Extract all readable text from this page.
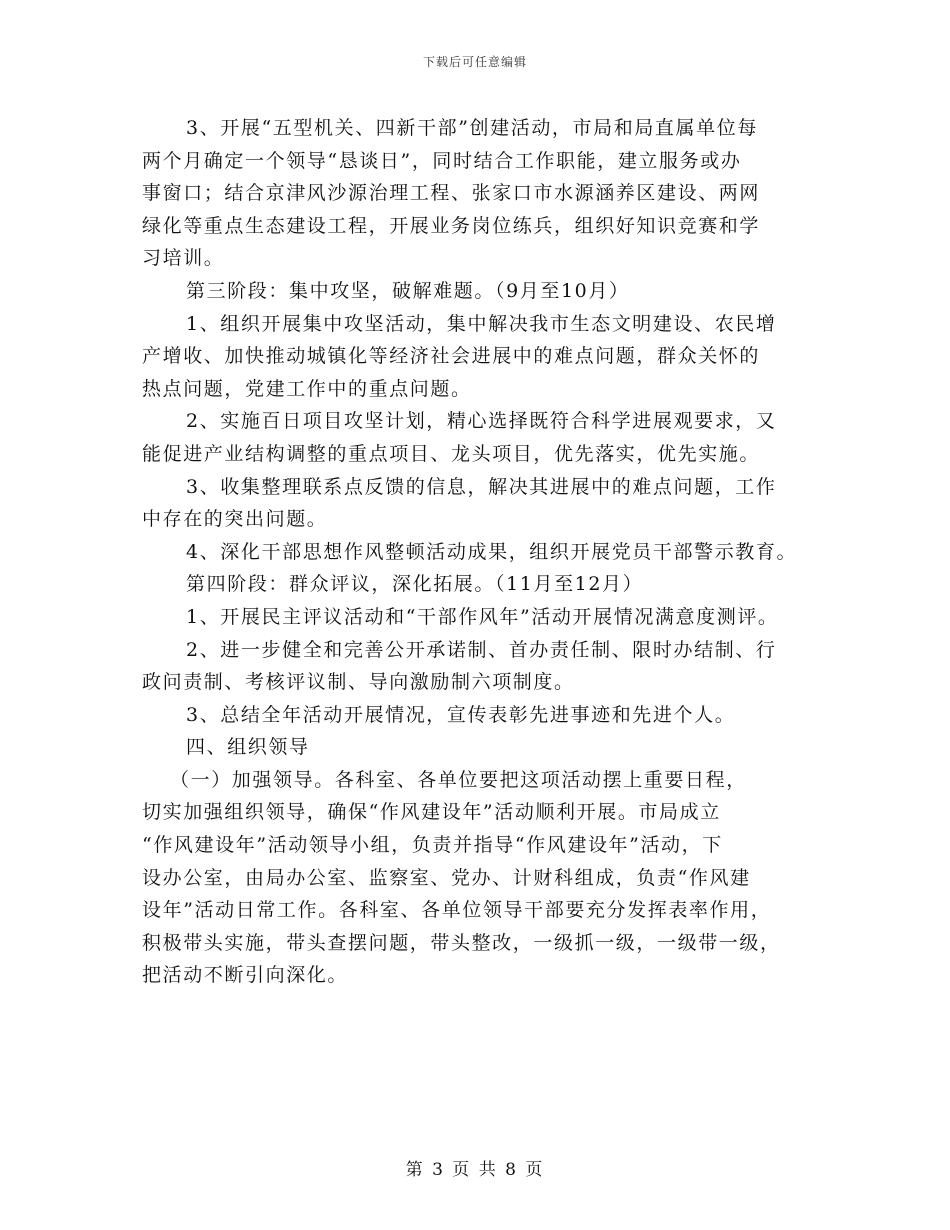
下载后可任意编辑
3、开展“五型机关、四新干部”创建活动，市局和局直属单位每
两个月确定一个领导“恳谈日”，同时结合工作职能，建立服务或办
事窗口；结合京津风沙源治理工程、张家口市水源涵养区建设、两网
绿化等重点生态建设工程，开展业务岗位练兵，组织好知识竞赛和学
习培训。
第三阶段：集中攻坚，破解难题。（9月至10月）
1、组织开展集中攻坚活动，集中解决我市生态文明建设、农民增
产增收、加快推动城镇化等经济社会进展中的难点问题，群众关怀的
热点问题，党建工作中的重点问题。
2、实施百日项目攻坚计划，精心选择既符合科学进展观要求，又
能促进产业结构调整的重点项目、龙头项目，优先落实，优先实施。
3、收集整理联系点反馈的信息，解决其进展中的难点问题，工作
中存在的突出问题。
4、深化干部思想作风整顿活动成果，组织开展党员干部警示教育。
第四阶段：群众评议，深化拓展。（11月至12月）
1、开展民主评议活动和“干部作风年”活动开展情况满意度测评。
2、进一步健全和完善公开承诺制、首办责任制、限时办结制、行
政问责制、考核评议制、导向激励制六项制度。
3、总结全年活动开展情况，宣传表彰先进事迹和先进个人。
四、组织领导
（一）加强领导。各科室、各单位要把这项活动摆上重要日程，
切实加强组织领导，确保“作风建设年”活动顺利开展。市局成立
“作风建设年”活动领导小组，负责并指导“作风建设年”活动，下
设办公室，由局办公室、监察室、党办、计财科组成，负责“作风建
设年”活动日常工作。各科室、各单位领导干部要充分发挥表率作用，
积极带头实施，带头查摆问题，带头整改，一级抓一级，一级带一级，
把活动不断引向深化。
第 3 页 共 8 页
